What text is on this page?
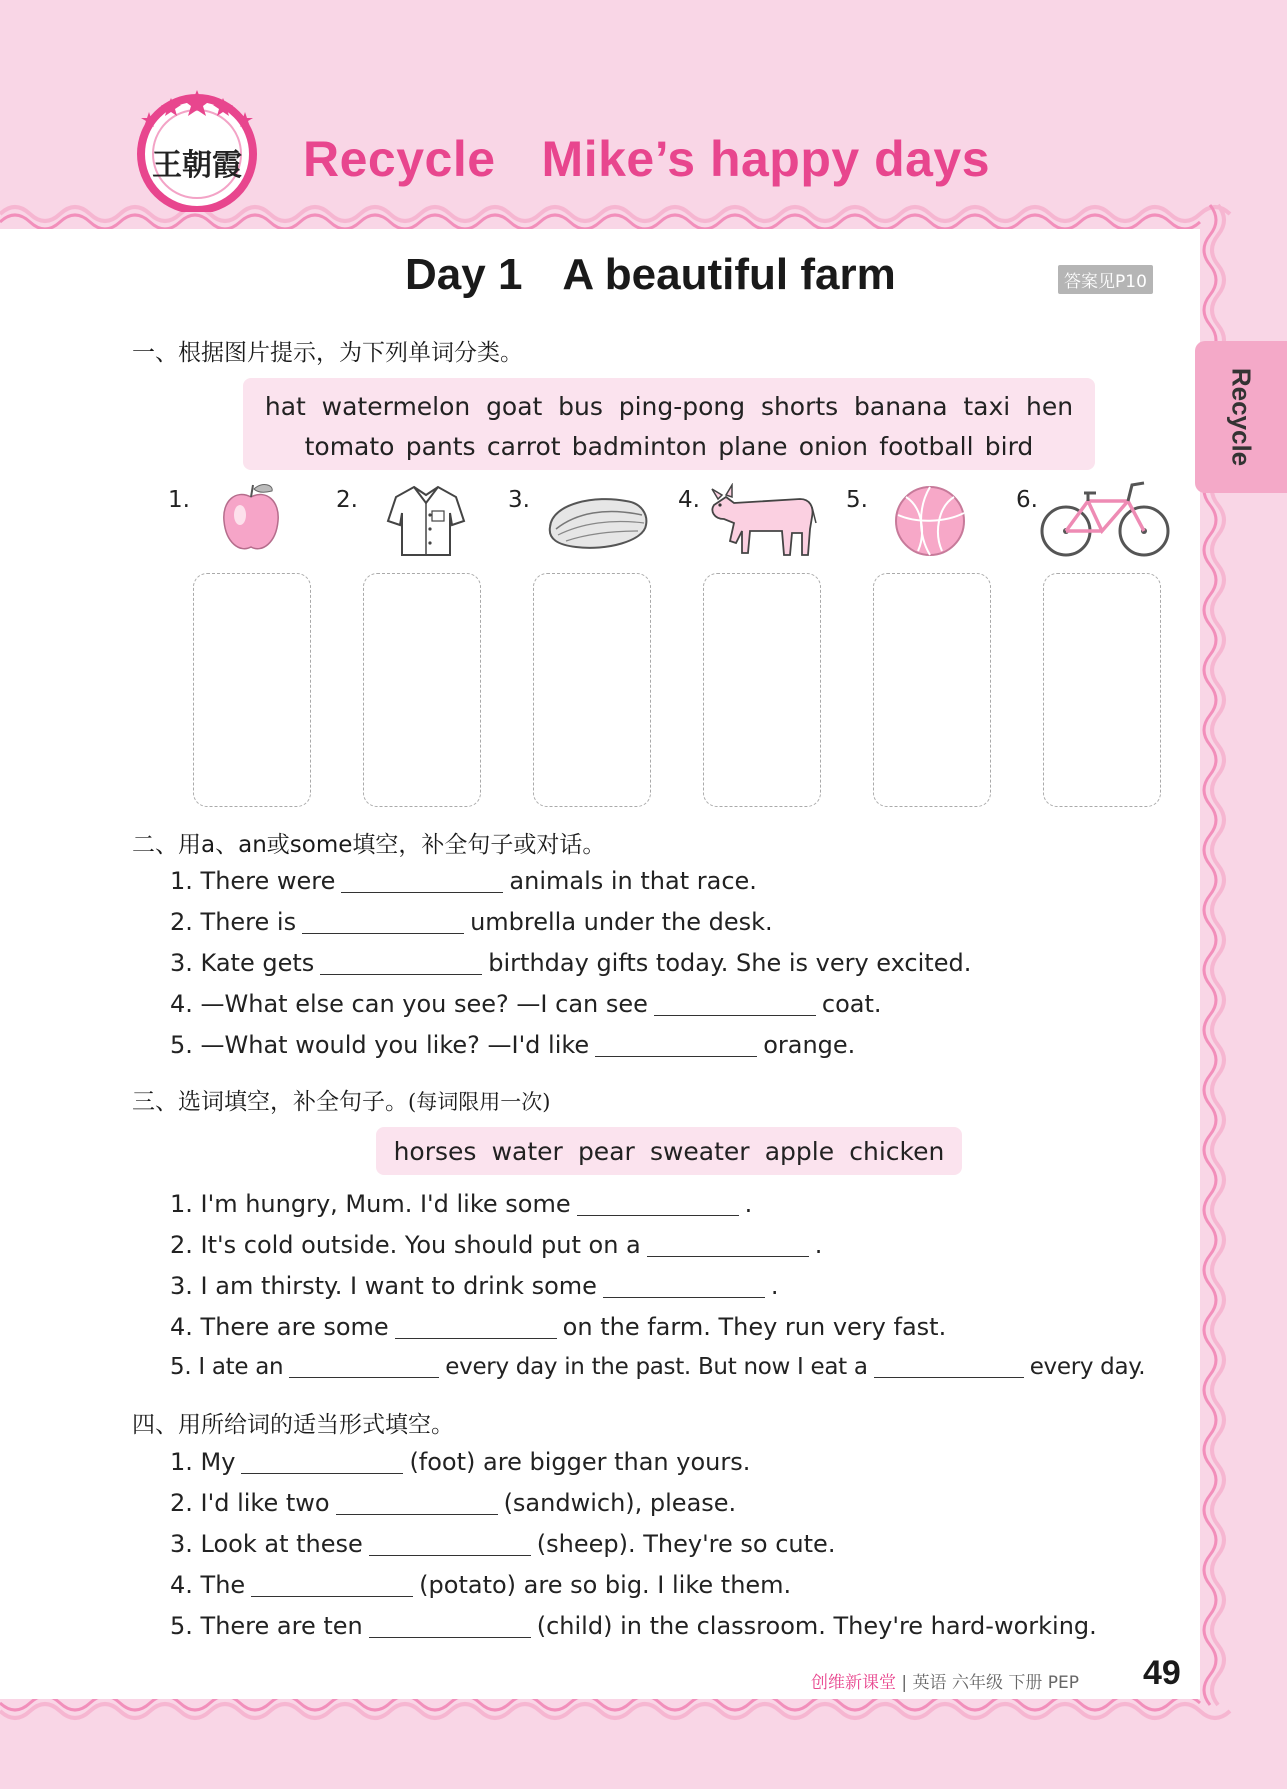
王朝霞	Recycle Mike’s happy days
Day 1 A beautiful farm	答案见P10
Recycle
一、根据图片提示，为下列单词分类。
hat watermelon goat bus ping-pong shorts banana taxi hen
tomato pants carrot badminton plane onion football bird
1.	2.	3.	4.	5.	6.
二、用a、an或some填空，补全句子或对话。
1. There were	animals in that race.
2. There is	umbrella under the desk.
3. Kate gets	birthday gifts today. She is very excited.
4. —What else can you see? —I can see	coat.
5. —What would you like? —I'd like	orange.
三、选词填空，补全句子。(每词限用一次)
horses water pear sweater apple chicken
1. I'm hungry, Mum. I'd like some	.
2. It's cold outside. You should put on a	.
3. I am thirsty. I want to drink some	.
4. There are some	on the farm. They run very fast.
5. I ate an	every day in the past. But now I eat a	every day.
四、用所给词的适当形式填空。
1. My	(foot) are bigger than yours.
2. I'd like two	(sandwich), please.
3. Look at these	(sheep). They're so cute.
4. The	(potato) are so big. I like them.
5. There are ten	(child) in the classroom. They're hard-working.
创维新课堂 | 英语 六年级 下册 PEP 49
